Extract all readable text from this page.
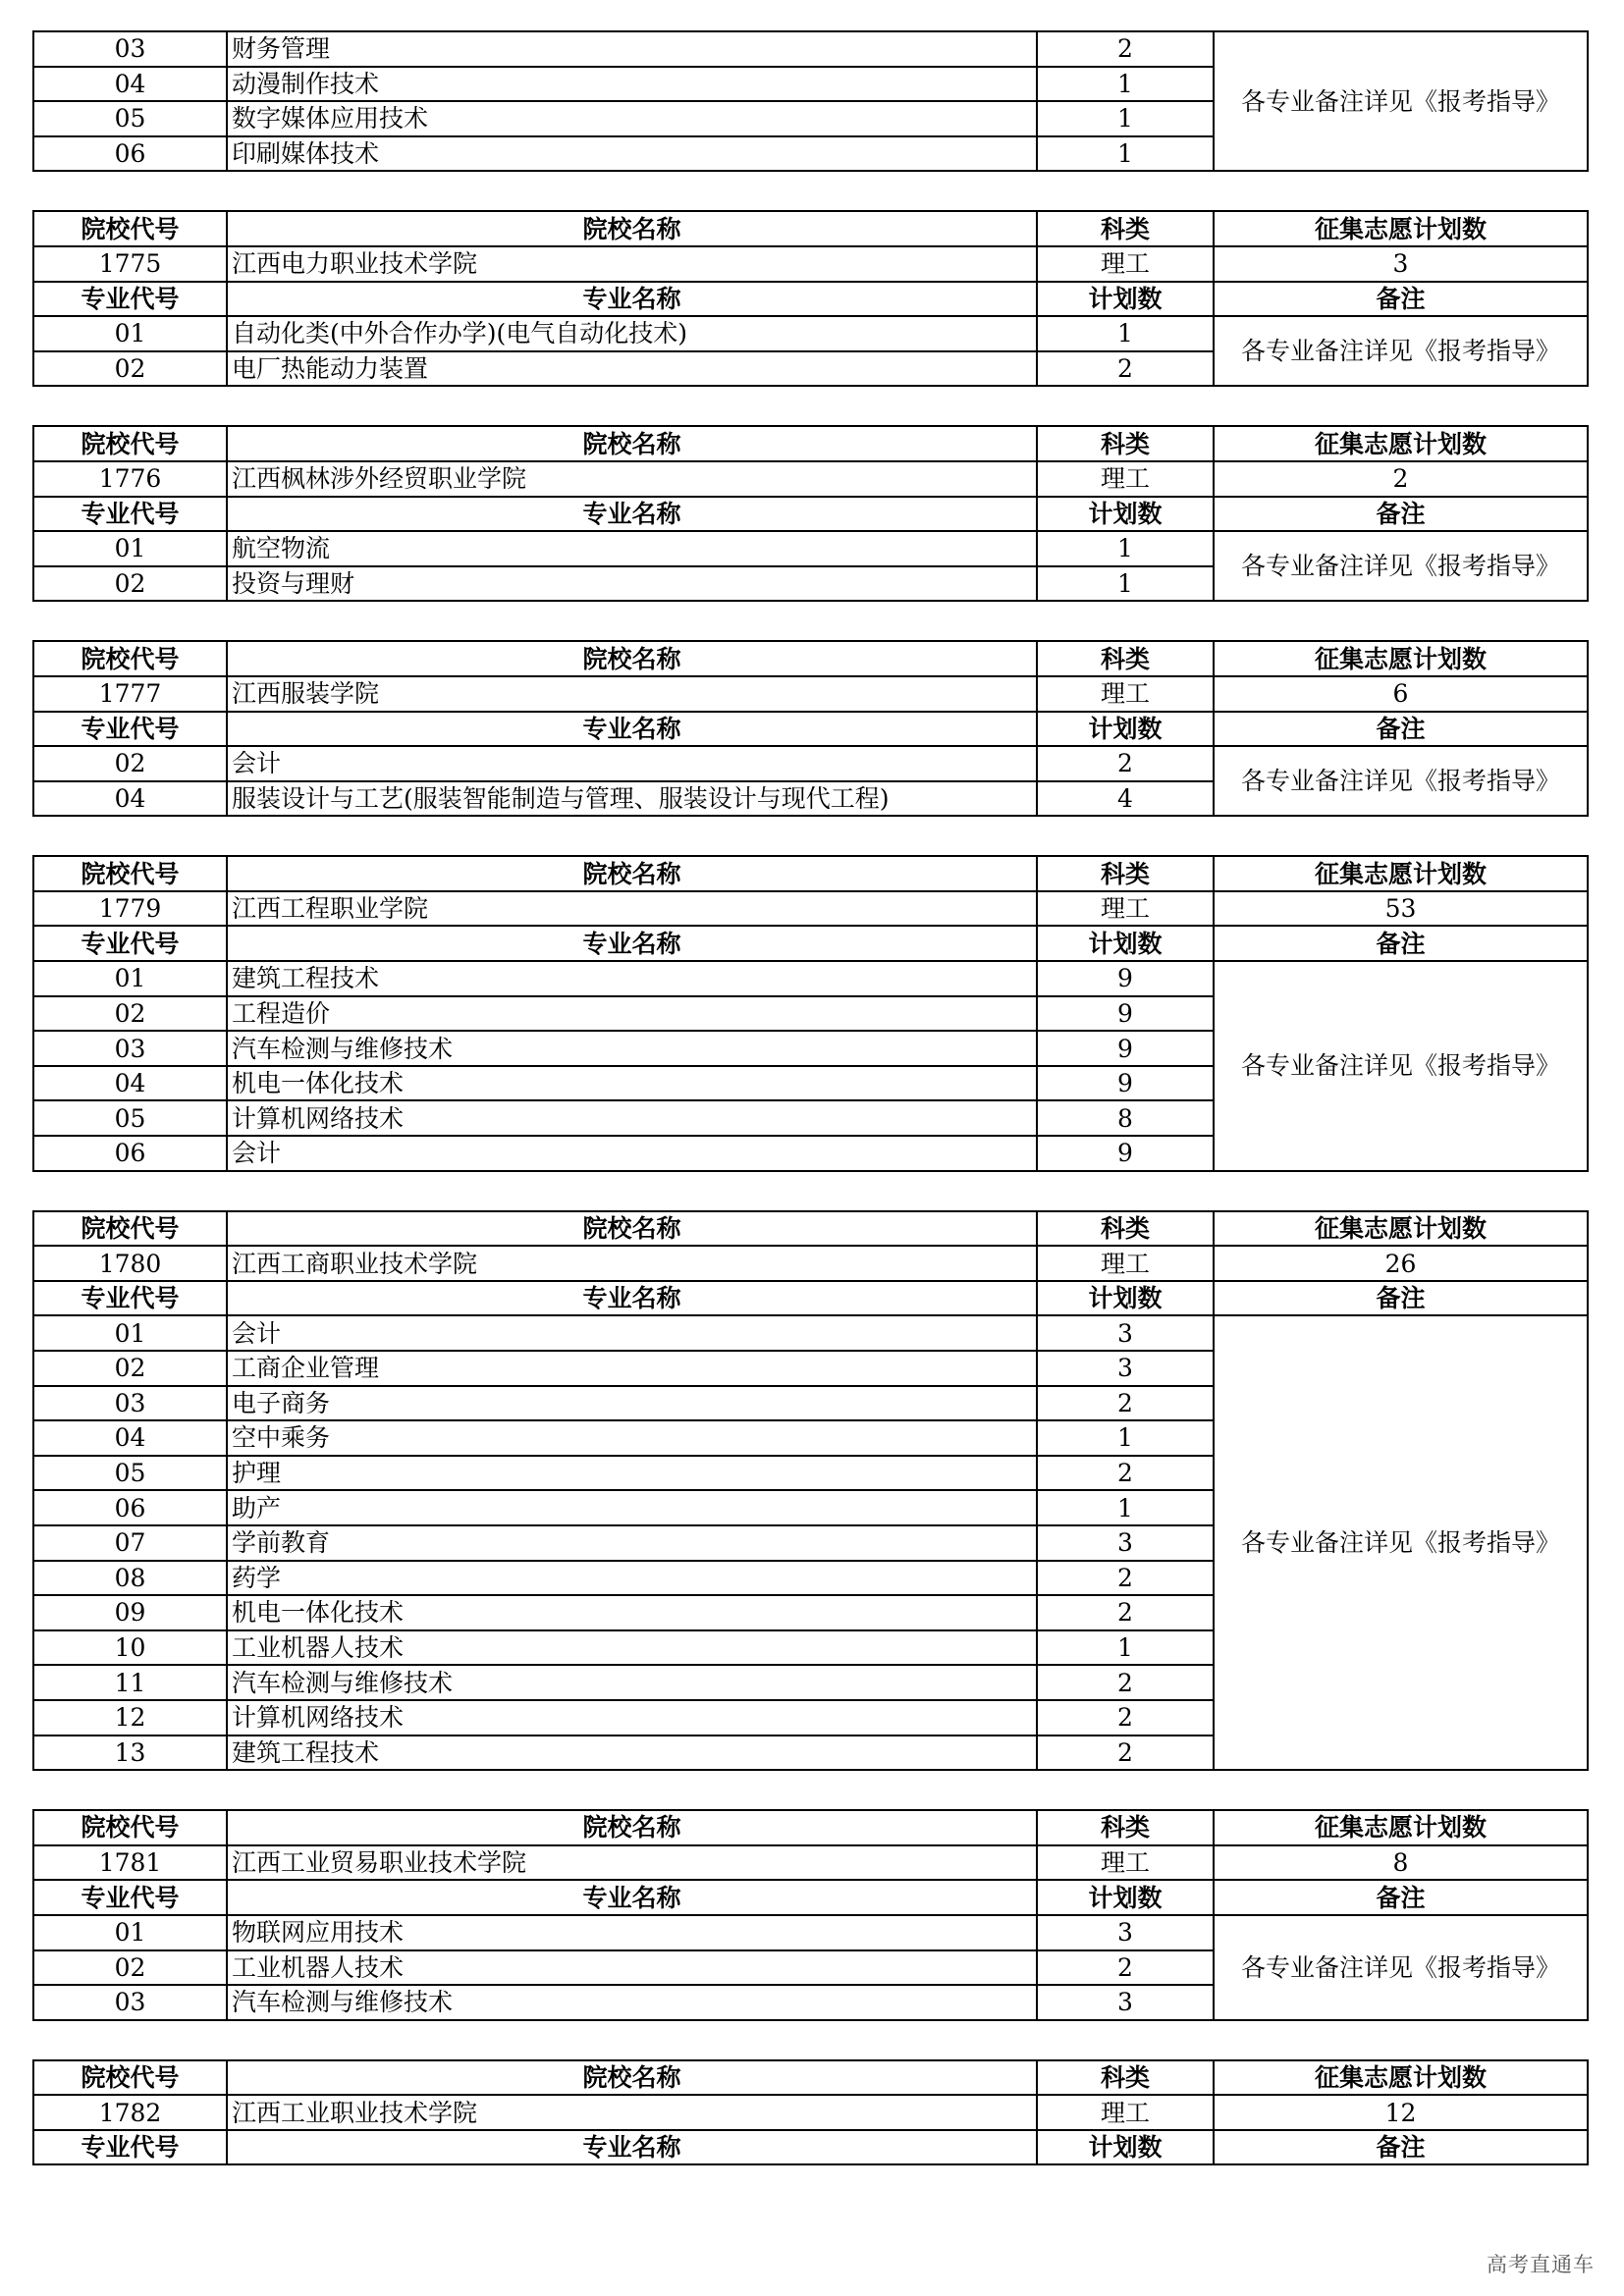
03	财务管理	2	各专业备注详见《报考指导》
04	动漫制作技术	1	
05	数字媒体应用技术	1	
06	印刷媒体技术	1	
院校代号	院校名称	科类	征集志愿计划数
1775	江西电力职业技术学院	理工	3
专业代号	专业名称	计划数	备注
01	自动化类(中外合作办学)(电气自动化技术)	1	各专业备注详见《报考指导》
02	电厂热能动力装置	2	
院校代号	院校名称	科类	征集志愿计划数
1776	江西枫林涉外经贸职业学院	理工	2
专业代号	专业名称	计划数	备注
01	航空物流	1	各专业备注详见《报考指导》
02	投资与理财	1	
院校代号	院校名称	科类	征集志愿计划数
1777	江西服装学院	理工	6
专业代号	专业名称	计划数	备注
02	会计	2	各专业备注详见《报考指导》
04	服装设计与工艺(服装智能制造与管理、服装设计与现代工程)	4	
院校代号	院校名称	科类	征集志愿计划数
1779	江西工程职业学院	理工	53
专业代号	专业名称	计划数	备注
01	建筑工程技术	9	各专业备注详见《报考指导》
02	工程造价	9	
03	汽车检测与维修技术	9	
04	机电一体化技术	9	
05	计算机网络技术	8	
06	会计	9	
院校代号	院校名称	科类	征集志愿计划数
1780	江西工商职业技术学院	理工	26
专业代号	专业名称	计划数	备注
01	会计	3	各专业备注详见《报考指导》
02	工商企业管理	3	
03	电子商务	2	
04	空中乘务	1	
05	护理	2	
06	助产	1	
07	学前教育	3	
08	药学	2	
09	机电一体化技术	2	
10	工业机器人技术	1	
11	汽车检测与维修技术	2	
12	计算机网络技术	2	
13	建筑工程技术	2	
院校代号	院校名称	科类	征集志愿计划数
1781	江西工业贸易职业技术学院	理工	8
专业代号	专业名称	计划数	备注
01	物联网应用技术	3	各专业备注详见《报考指导》
02	工业机器人技术	2	
03	汽车检测与维修技术	3	
院校代号	院校名称	科类	征集志愿计划数
1782	江西工业职业技术学院	理工	12
专业代号	专业名称	计划数	备注
高考直通车
